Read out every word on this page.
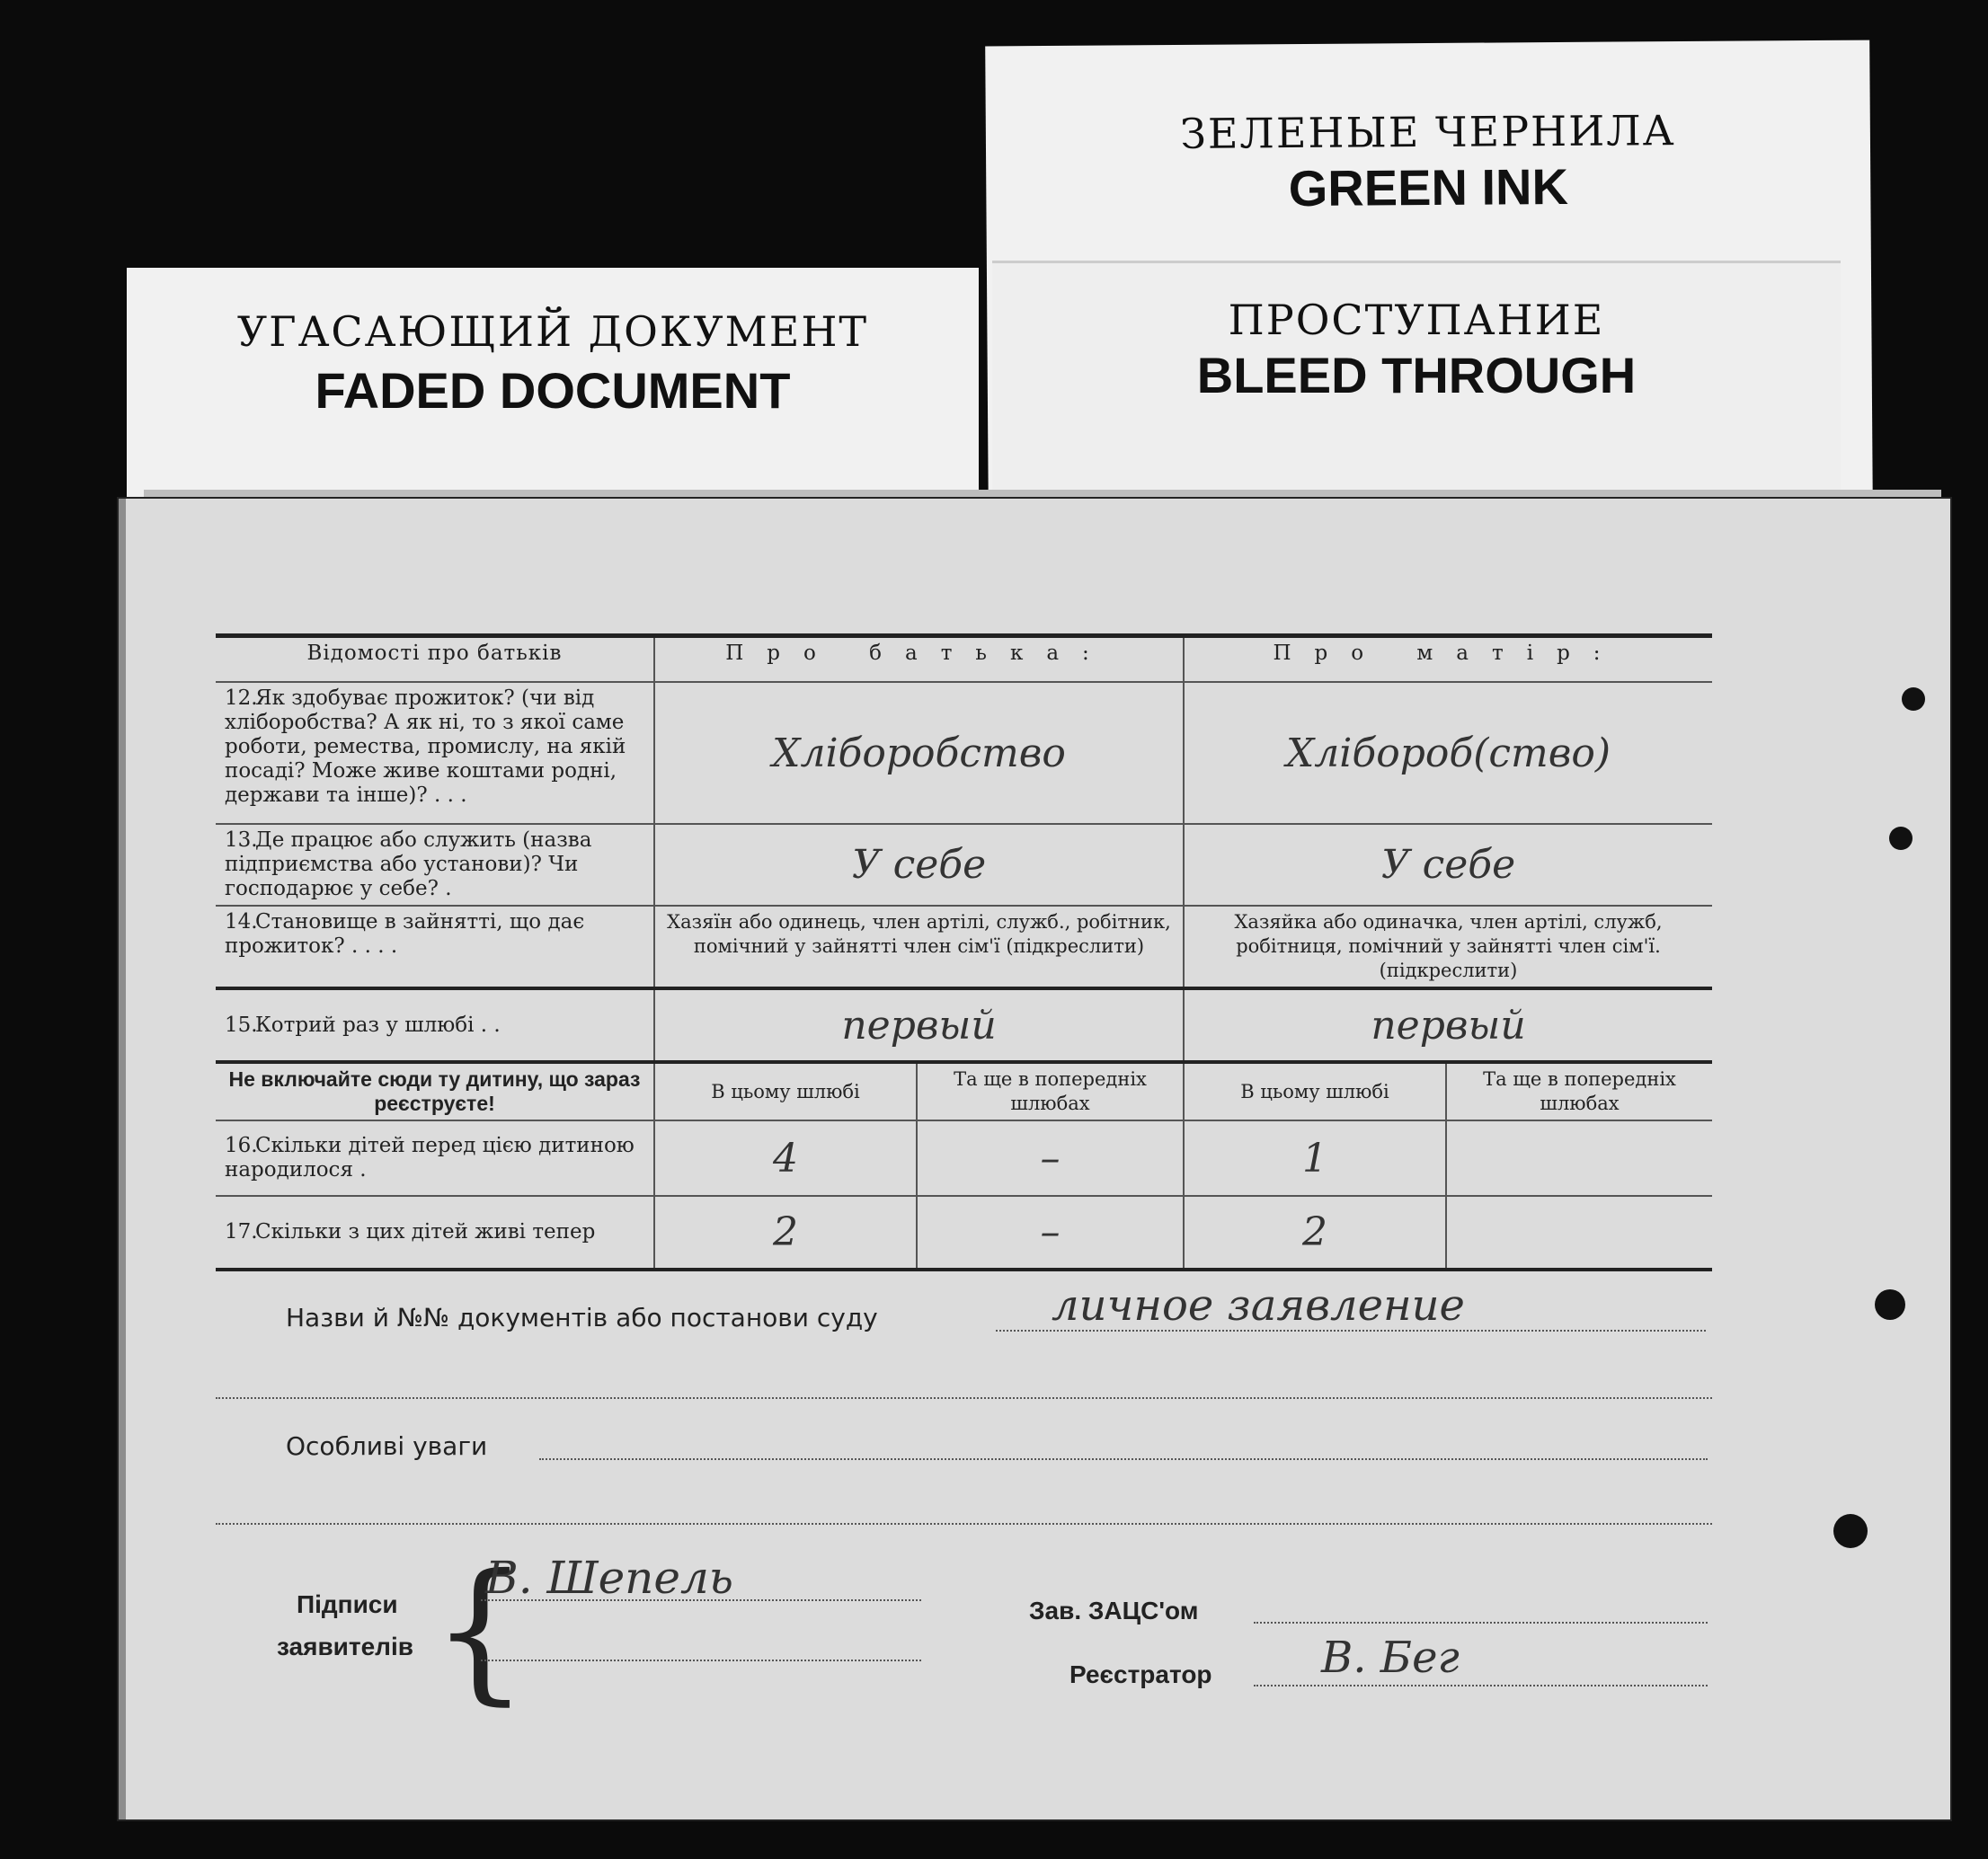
УГАСАЮЩИЙ ДОКУМЕНТ
FADED DOCUMENT
ЗЕЛЕНЫЕ ЧЕРНИЛА
GREEN INK
ПРОСТУПАНИЕ
BLEED THROUGH
Відомості про батьків	Про батька:		Про матір:	
12.Як здобуває прожиток? (чи від хліборобства? А як ні, то з якої саме роботи, ремества, промислу, на якій посаді? Може живе коштами родні, держави та інше)? . . .	Хліборобство		Хлібороб(ство)	
13.Де працює або служить (назва підприємства або установи)? Чи господарює у себе? .	У себе		У себе	
14.Становище в зайнятті, що дає прожиток? . . . .	Хазяїн або одинець, член артілі, служб., робітник, помічний у зайнятті член сім'ї (підкреслити)		Хазяйка або одиначка, член артілі, служб, робітниця, помічний у зайнятті член сім'ї. (підкреслити)	
15.Котрий раз у шлюбі . .	первый		первый	
Не включайте сюди ту дитину, що зараз реєструєте!	В цьому шлюбі	Та ще в попередніх шлюбах	В цьому шлюбі	Та ще в попередніх шлюбах
16.Скільки дітей перед цією дитиною народилося .	4	–	1	
17.Скільки з цих дітей живі тепер	2	–	2	
Назви й №№ документів або постанови суду	личное заявление
Особливі уваги
Підписи
заявителів {
В. Шепель
Зав. ЗАЦС'ом
Реєстратор	В. Бег
